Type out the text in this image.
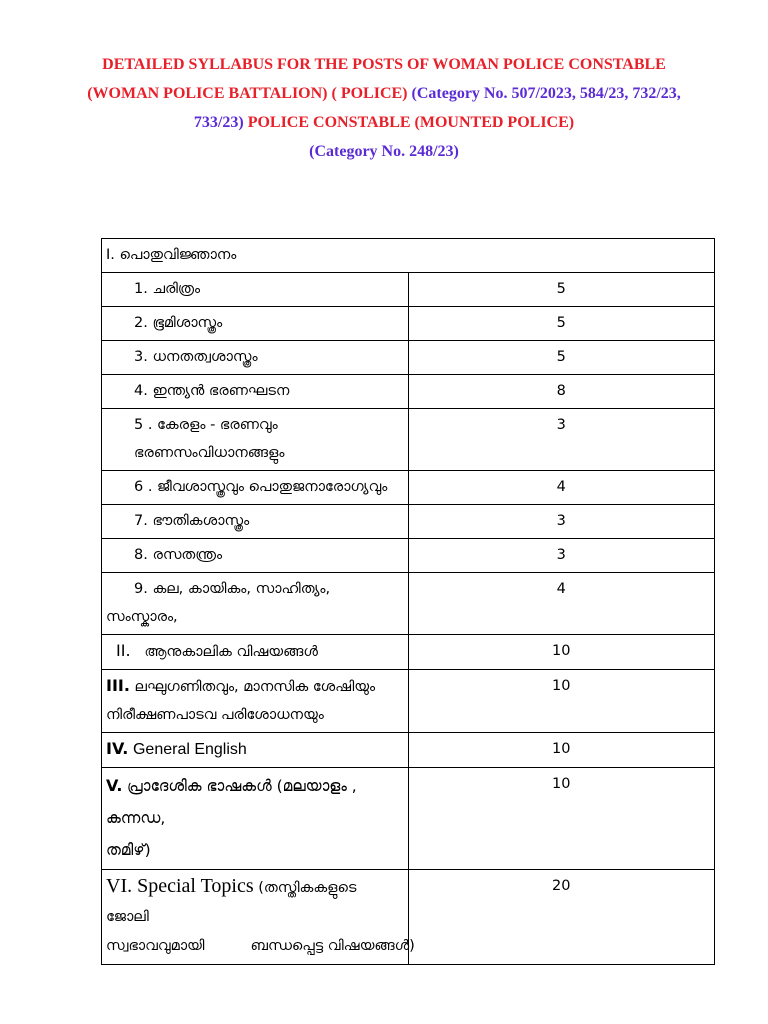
DETAILED SYLLABUS FOR THE POSTS OF WOMAN POLICE CONSTABLE
(WOMAN POLICE BATTALION) ( POLICE) (Category No. 507/2023, 584/23, 732/23,
733/23) POLICE CONSTABLE (MOUNTED POLICE)
(Category No. 248/23)
I. പൊതുവിജ്ഞാനം	
1. ചരിത്രം	5
2. ഭൂമിശാസ്ത്രം	5
3. ധനതത്വശാസ്ത്രം	5
4. ഇന്ത്യൻ ഭരണഘടന	8

5 . കേരളം - ഭരണവും
ഭരണസംവിധാനങ്ങളും	3
6 . ജീവശാസ്ത്രവും പൊതുജനാരോഗ്യവും	4
7. ഭൗതികശാസ്ത്രം	3
8. രസതന്ത്രം	3

9. കല, കായികം, സാഹിത്യം,
സംസ്കാരം,	4
II. ആനുകാലിക വിഷയങ്ങൾ	10

III. ലഘുഗണിതവും, മാനസിക ശേഷിയും
നിരീക്ഷണപാടവ പരിശോധനയും	10
IV. General English	10

V. പ്രാദേശിക ഭാഷകൾ (മലയാളം , കന്നഡ,
തമിഴ്)	10

VI. Special Topics (തസ്തികകളുടെ ജോലി
സ്വഭാവവുമായി          ബന്ധപ്പെട്ട വിഷയങ്ങൾ)	20
